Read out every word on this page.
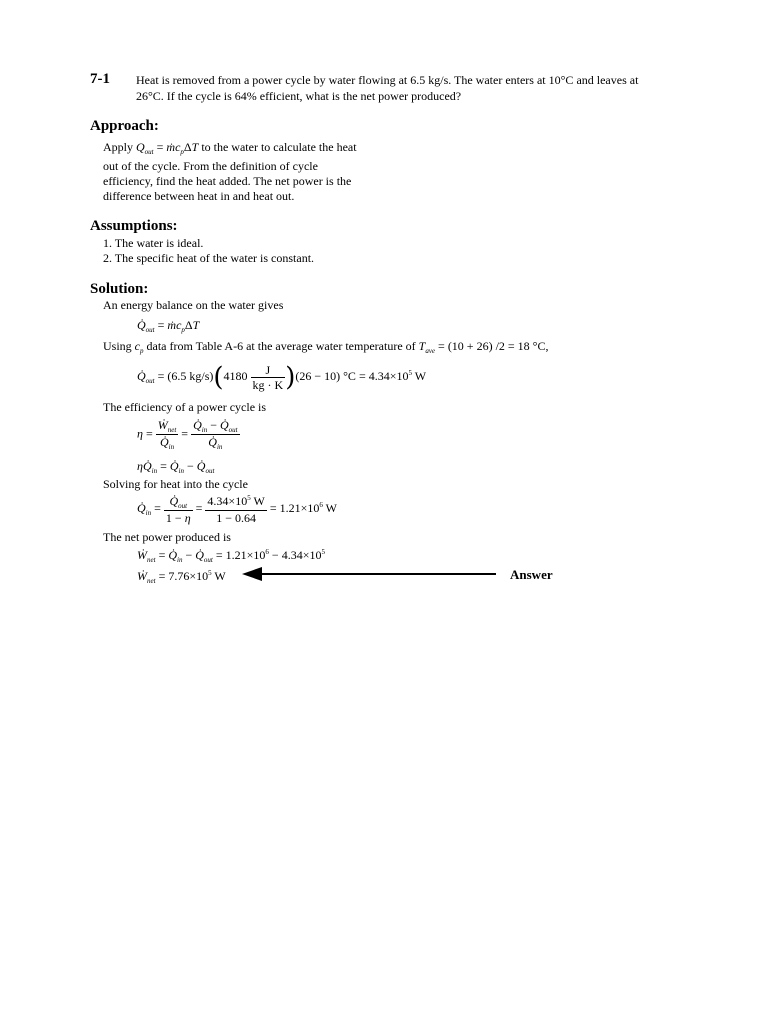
7-1 Heat is removed from a power cycle by water flowing at 6.5 kg/s. The water enters at 10°C and leaves at
26°C. If the cycle is 64% efficient, what is the net power produced?
Approach:
Apply $Q_{out}$ = ṁc$_p$ΔT to the water to calculate the heat
out of the cycle. From the definition of cycle
efficiency, find the heat added. The net power is the
difference between heat in and heat out.
Assumptions:
1. The water is ideal.
2. The specific heat of the water is constant.
Solution:
An energy balance on the water gives
$Q̇_{out}$ = ṁc$_p$ΔT
Using $c_p$ data from Table A-6 at the average water temperature of $T_{ave} = (10 + 26) /2 = 18$ °C,
$Q̇_{out} = (6.5$ $kg/s)(4180 \frac{J}{kg \cdot K} )(26 - 10)$ $^\circ C = 4.34\times 10^5$ W
The efficiency of a power cycle is
$\eta = \frac{Ẇ_{net}}{Q̇_{in}} = \frac{Q̇_{in} - Q̇_{out}}{Q̇_{in}}$
$\eta Q̇_{in}$ = $Q̇_{in}$ − $Q̇_{out}$
Solving for heat into the cycle
$Q̇_{in} = \frac{Q̇_{out}}{1 - \eta} = \frac{4.34\times 10^5 W}{1 - 0.64} = 1.21\times 10^6$ W
The net power produced is
Ẇ$_{net}$ = $Q̇_{in}$ − $Q̇_{out} = 1.21\times 10^6 - 4.34\times 10^5$
Ẇ$_{net}$ = $7.76\times 10^5$ W	Answer
